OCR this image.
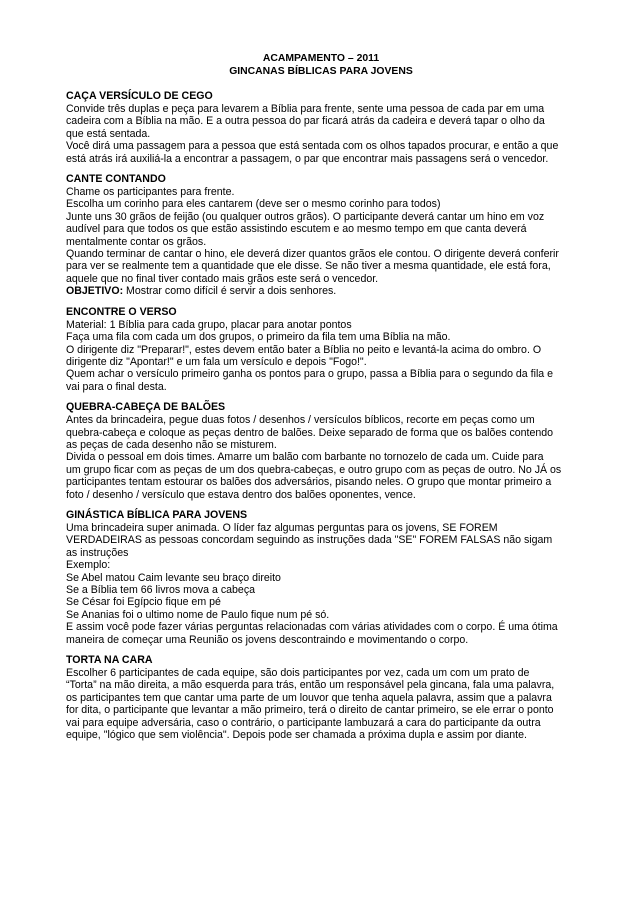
ACAMPAMENTO – 2011
GINCANAS BÍBLICAS PARA JOVENS
CAÇA VERSÍCULO DE CEGO
Convide três duplas e peça para levarem a Bíblia para frente, sente uma pessoa de cada par em uma
cadeira com a Bíblia na mão. E a outra pessoa do par ficará atrás da cadeira e deverá tapar o olho da
que está sentada.
Você dirá uma passagem para a pessoa que está sentada com os olhos tapados procurar, e então a que
está atrás irá auxiliá-la a encontrar a passagem, o par que encontrar mais passagens será o vencedor.
CANTE CONTANDO
Chame os participantes para frente.
Escolha um corinho para eles cantarem (deve ser o mesmo corinho para todos)
Junte uns 30 grãos de feijão (ou qualquer outros grãos). O participante deverá cantar um hino em voz
audível para que todos os que estão assistindo escutem e ao mesmo tempo em que canta deverá
mentalmente contar os grãos.
Quando terminar de cantar o hino, ele deverá dizer quantos grãos ele contou. O dirigente deverá conferir
para ver se realmente tem a quantidade que ele disse. Se não tiver a mesma quantidade, ele está fora,
aquele que no final tiver contado mais grãos este será o vencedor.
OBJETIVO: Mostrar como difícil é servir a dois senhores.
ENCONTRE O VERSO
Material: 1 Bíblia para cada grupo, placar para anotar pontos
Faça uma fila com cada um dos grupos, o primeiro da fila tem uma Bíblia na mão.
O dirigente diz "Preparar!", estes devem então bater a Bíblia no peito e levantá-la acima do ombro. O
dirigente diz "Apontar!" e um fala um versículo e depois "Fogo!".
Quem achar o versículo primeiro ganha os pontos para o grupo, passa a Bíblia para o segundo da fila e
vai para o final desta.
QUEBRA-CABEÇA DE BALÕES
Antes da brincadeira, pegue duas fotos / desenhos / versículos bíblicos, recorte em peças como um
quebra-cabeça e coloque as peças dentro de balões. Deixe separado de forma que os balões contendo
as peças de cada desenho não se misturem.
Divida o pessoal em dois times. Amarre um balão com barbante no tornozelo de cada um. Cuide para
um grupo ficar com as peças de um dos quebra-cabeças, e outro grupo com as peças de outro. No JÁ os
participantes tentam estourar os balões dos adversários, pisando neles. O grupo que montar primeiro a
foto / desenho / versículo que estava dentro dos balões oponentes, vence.
GINÁSTICA BÍBLICA PARA JOVENS
Uma brincadeira super animada. O líder faz algumas perguntas para os jovens, SE FOREM
VERDADEIRAS as pessoas concordam seguindo as instruções dada "SE" FOREM FALSAS não sigam
as instruções
Exemplo:
Se Abel matou Caim levante seu braço direito
Se a Bíblia tem 66 livros mova a cabeça
Se César foi Egípcio fique em pé
Se Ananias foi o ultimo nome de Paulo fique num pé só.
E assim você pode fazer várias perguntas relacionadas com várias atividades com o corpo. É uma ótima
maneira de começar uma Reunião os jovens descontraindo e movimentando o corpo.
TORTA NA CARA
Escolher 6 participantes de cada equipe, são dois participantes por vez, cada um com um prato de
“Torta” na mão direita, a mão esquerda para trás, então um responsável pela gincana, fala uma palavra,
os participantes tem que cantar uma parte de um louvor que tenha aquela palavra, assim que a palavra
for dita, o participante que levantar a mão primeiro, terá o direito de cantar primeiro, se ele errar o ponto
vai para equipe adversária, caso o contrário, o participante lambuzará a cara do participante da outra
equipe, "lógico que sem violência". Depois pode ser chamada a próxima dupla e assim por diante.
